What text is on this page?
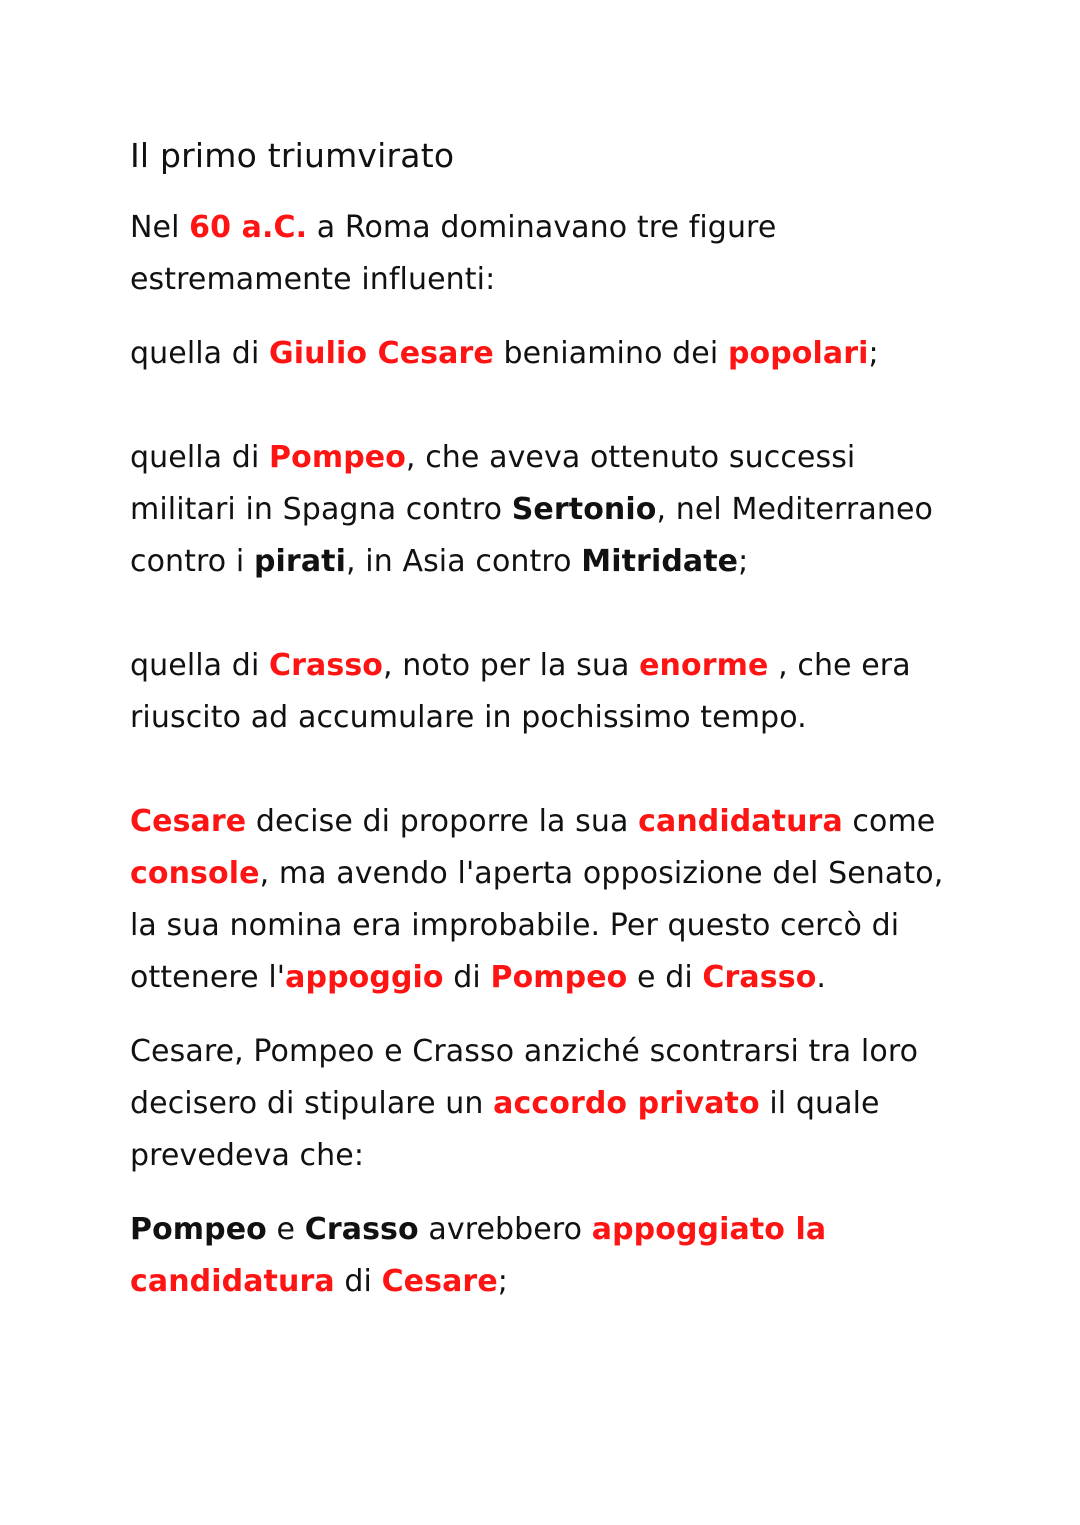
Il primo triumvirato

Nel 60 a.C. a Roma dominavano tre figure estremamente influenti:

quella di Giulio Cesare beniamino dei popolari;

quella di Pompeo, che aveva ottenuto successi militari in Spagna contro Sertonio, nel Mediterraneo contro i pirati, in Asia contro Mitridate;

quella di Crasso, noto per la sua enorme , che era riuscito ad accumulare in pochissimo tempo.

Cesare decise di proporre la sua candidatura come console, ma avendo l'aperta opposizione del Senato, la sua nomina era improbabile. Per questo cercò di ottenere l'appoggio di Pompeo e di Crasso.

Cesare, Pompeo e Crasso anziché scontrarsi tra loro decisero di stipulare un accordo privato il quale prevedeva che:

Pompeo e Crasso avrebbero appoggiato la candidatura di Cesare;
